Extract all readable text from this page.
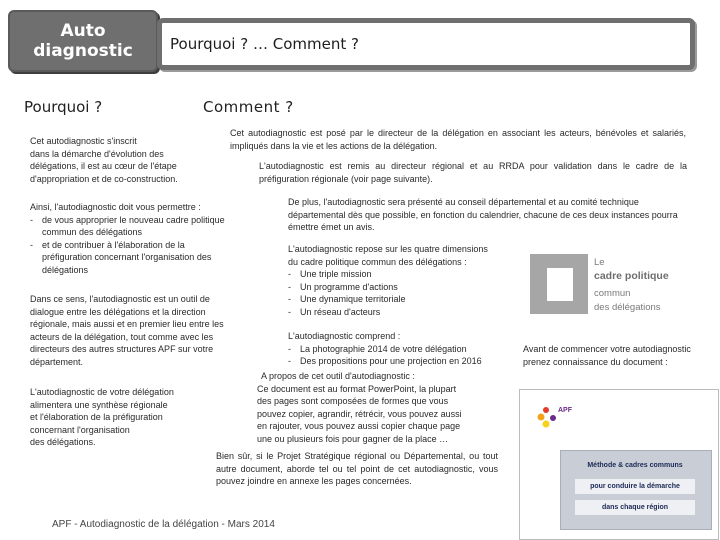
Auto
diagnostic	Pourquoi ? … Comment ?
Pourquoi ?	Comment ?
Cet autodiagnostic s'inscrit
dans la démarche d'évolution des
délégations, il est au cœur de l'étape
d'appropriation et de co-construction.
Ainsi, l'autodiagnostic doit vous permettre :
- de vous approprier le nouveau cadre politique commun des délégations
- et de contribuer à l'élaboration de la préfiguration concernant l'organisation des délégations
Dans ce sens, l'autodiagnostic est un outil de dialogue entre les délégations et la direction régionale, mais aussi et en premier lieu entre les acteurs de la délégation, tout comme avec les directeurs des autres structures APF sur votre département.
L'autodiagnostic de votre délégation
alimentera une synthèse régionale
et l'élaboration de la préfiguration
concernant l'organisation
des délégations.
Cet autodiagnostic est posé par le directeur de la délégation en associant les acteurs, bénévoles et salariés, impliqués dans la vie et les actions de la délégation.
L'autodiagnostic est remis au directeur régional et au RRDA pour validation dans le cadre de la préfiguration régionale (voir page suivante).
De plus, l'autodiagnostic sera présenté au conseil départemental et au comité technique départemental dès que possible, en fonction du calendrier, chacune de ces deux instances pourra émettre émet un avis.
L'autodiagnostic repose sur les quatre dimensions
du cadre politique commun des délégations :
- Une triple mission
- Un programme d'actions
- Une dynamique territoriale
- Un réseau d'acteurs
L'autodiagnostic comprend :
- La photographie 2014 de votre délégation
- Des propositions pour une projection en 2016
A propos de cet outil d'autodiagnostic :
Ce document est au format PowerPoint, la plupart
des pages sont composées de formes que vous
pouvez copier, agrandir, rétrécir, vous pouvez aussi
en rajouter, vous pouvez aussi copier chaque page
une ou plusieurs fois pour gagner de la place …
Bien sûr, si le Projet Stratégique régional ou Départemental, ou tout autre document, aborde tel ou tel point de cet autodiagnostic, vous pouvez joindre en annexe les pages concernées.
Le
cadre politique
commun
des délégations
Avant de commencer votre autodiagnostic prenez connaissance du document :
APF
Méthode & cadres communs
pour conduire la démarche
dans chaque région
APF - Autodiagnostic de la délégation - Mars 2014
